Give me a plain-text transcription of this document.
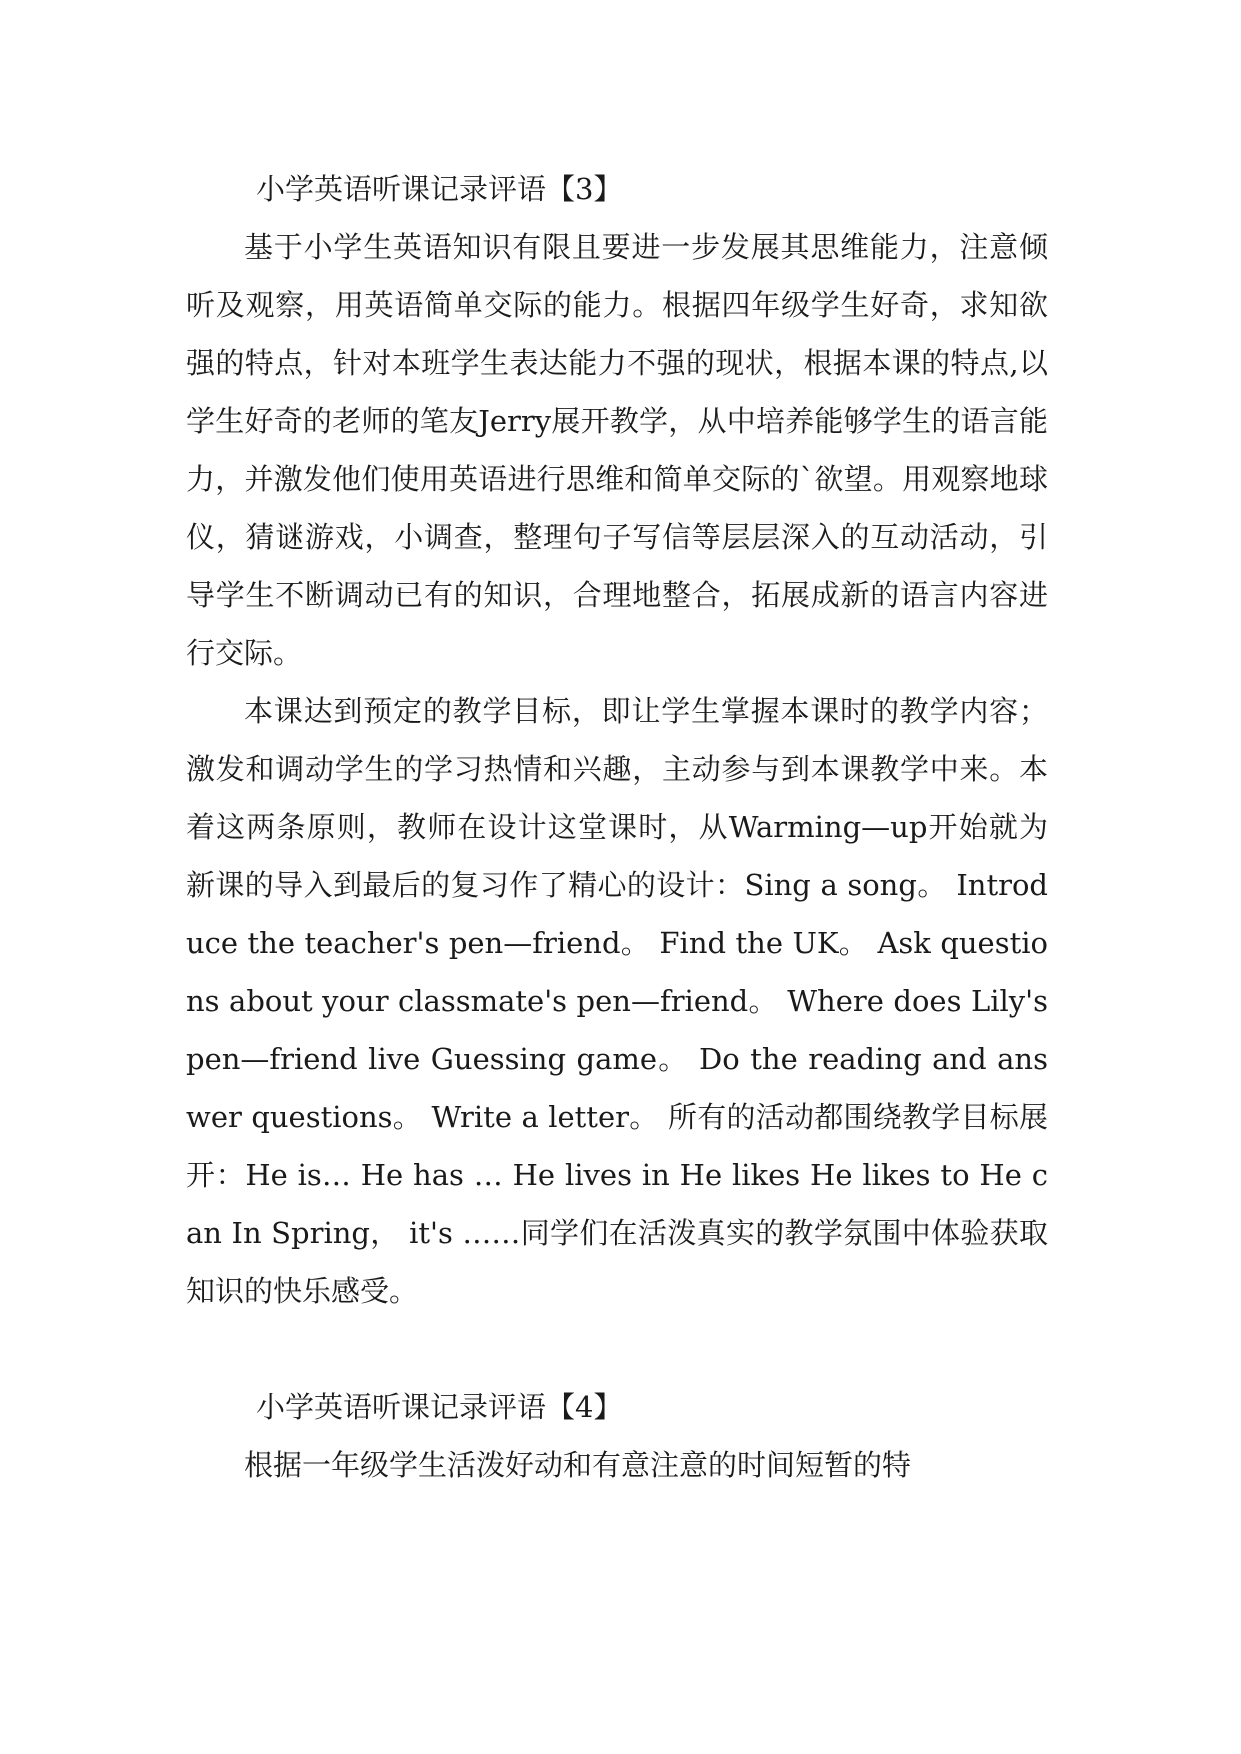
小学英语听课记录评语【3】

基于小学生英语知识有限且要进一步发展其思维能力，注意倾听及观察，用英语简单交际的能力。根据四年级学生好奇，求知欲强的特点，针对本班学生表达能力不强的现状，根据本课的特点,以学生好奇的老师的笔友Jerry展开教学，从中培养能够学生的语言能力，并激发他们使用英语进行思维和简单交际的`欲望。用观察地球仪，猜谜游戏，小调查，整理句子写信等层层深入的互动活动，引导学生不断调动已有的知识，合理地整合，拓展成新的语言内容进行交际。

本课达到预定的教学目标，即让学生掌握本课时的教学内容；激发和调动学生的学习热情和兴趣，主动参与到本课教学中来。本着这两条原则，教师在设计这堂课时，从Warming—up开始就为新课的导入到最后的复习作了精心的设计：Sing a song。 Introduce the teacher's pen—friend。 Find the UK。 Ask questions about your classmate's pen—friend。 Where does Lily's pen—friend live Guessing game。 Do the reading and answer questions。 Write a letter。 所有的活动都围绕教学目标展开：He is… He has … He lives in He likes He likes to He can In Spring， it's ……同学们在活泼真实的教学氛围中体验获取知识的快乐感受。

小学英语听课记录评语【4】

根据一年级学生活泼好动和有意注意的时间短暂的特
